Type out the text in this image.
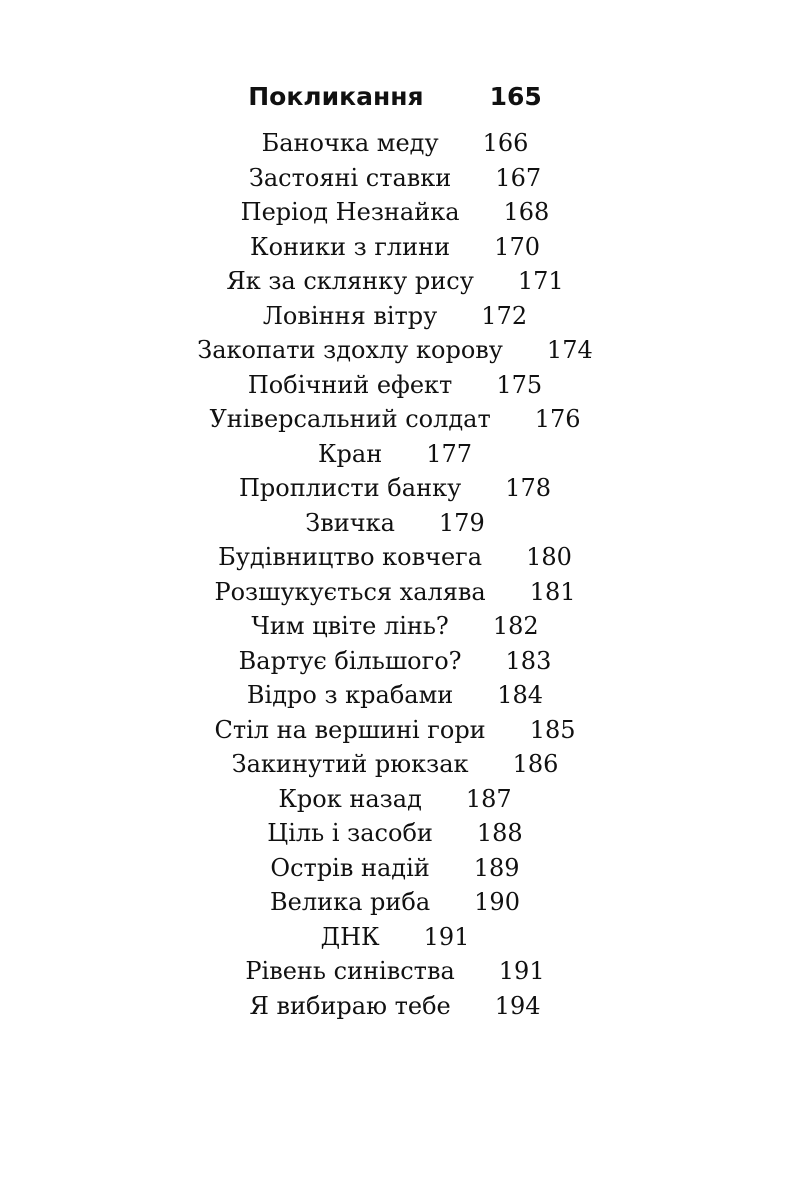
Покликання	165
Баночка меду 166
Застояні ставки 167
Період Незнайка 168
Коники з глини 170
Як за склянку рису 171
Ловіння вітру 172
Закопати здохлу корову 174
Побічний ефект 175
Універсальний солдат 176
Кран 177
Проплисти банку 178
Звичка 179
Будівництво ковчега 180
Розшукується халява 181
Чим цвіте лінь? 182
Вартує більшого? 183
Відро з крабами 184
Стіл на вершині гори 185
Закинутий рюкзак 186
Крок назад 187
Ціль і засоби 188
Острів надій 189
Велика риба 190
ДНК 191
Рівень синівства 191
Я вибираю тебе 194
